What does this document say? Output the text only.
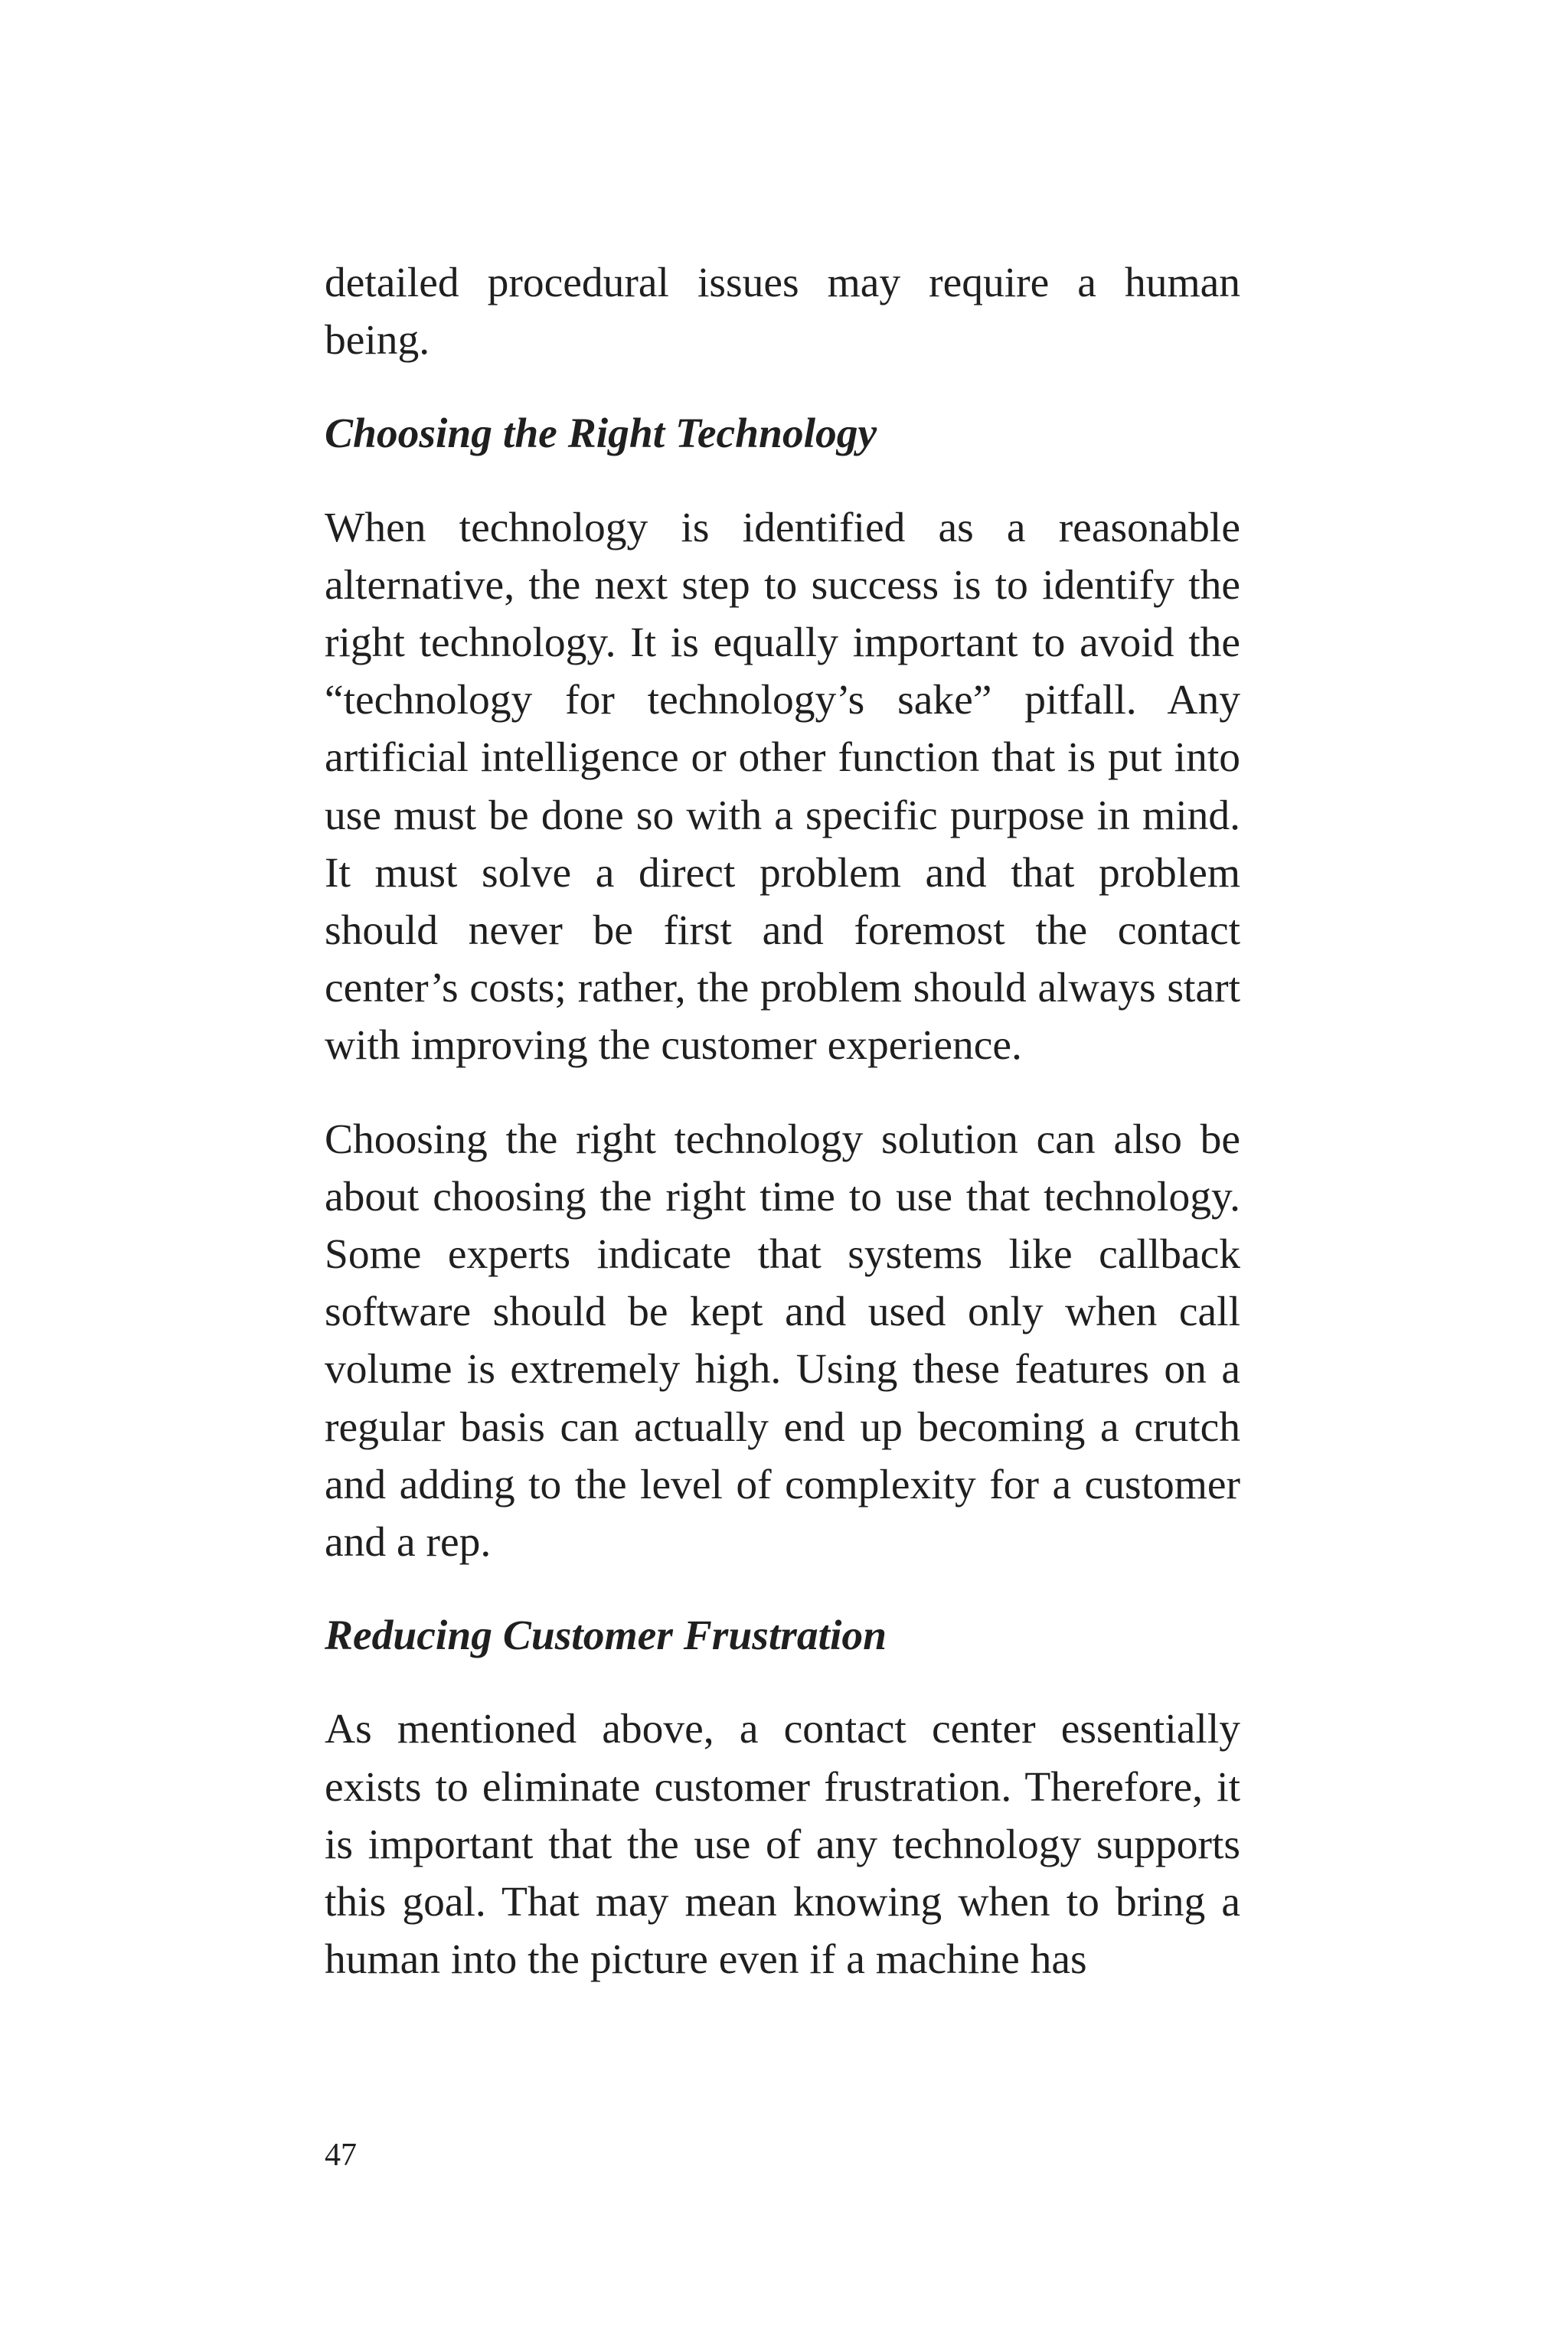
detailed procedural issues may require a human being.

Choosing the Right Technology

When technology is identified as a reasonable alternative, the next step to success is to identify the right technology. It is equally important to avoid the “technology for technology’s sake” pitfall. Any artificial intelligence or other function that is put into use must be done so with a specific purpose in mind. It must solve a direct problem and that problem should never be first and foremost the contact center’s costs; rather, the problem should always start with improving the customer experience.

Choosing the right technology solution can also be about choosing the right time to use that technology. Some experts indicate that systems like callback software should be kept and used only when call volume is extremely high. Using these features on a regular basis can actually end up becoming a crutch and adding to the level of complexity for a customer and a rep.

Reducing Customer Frustration

As mentioned above, a contact center essentially exists to eliminate customer frustration. Therefore, it is important that the use of any technology supports this goal. That may mean knowing when to bring a human into the picture even if a machine has

47
